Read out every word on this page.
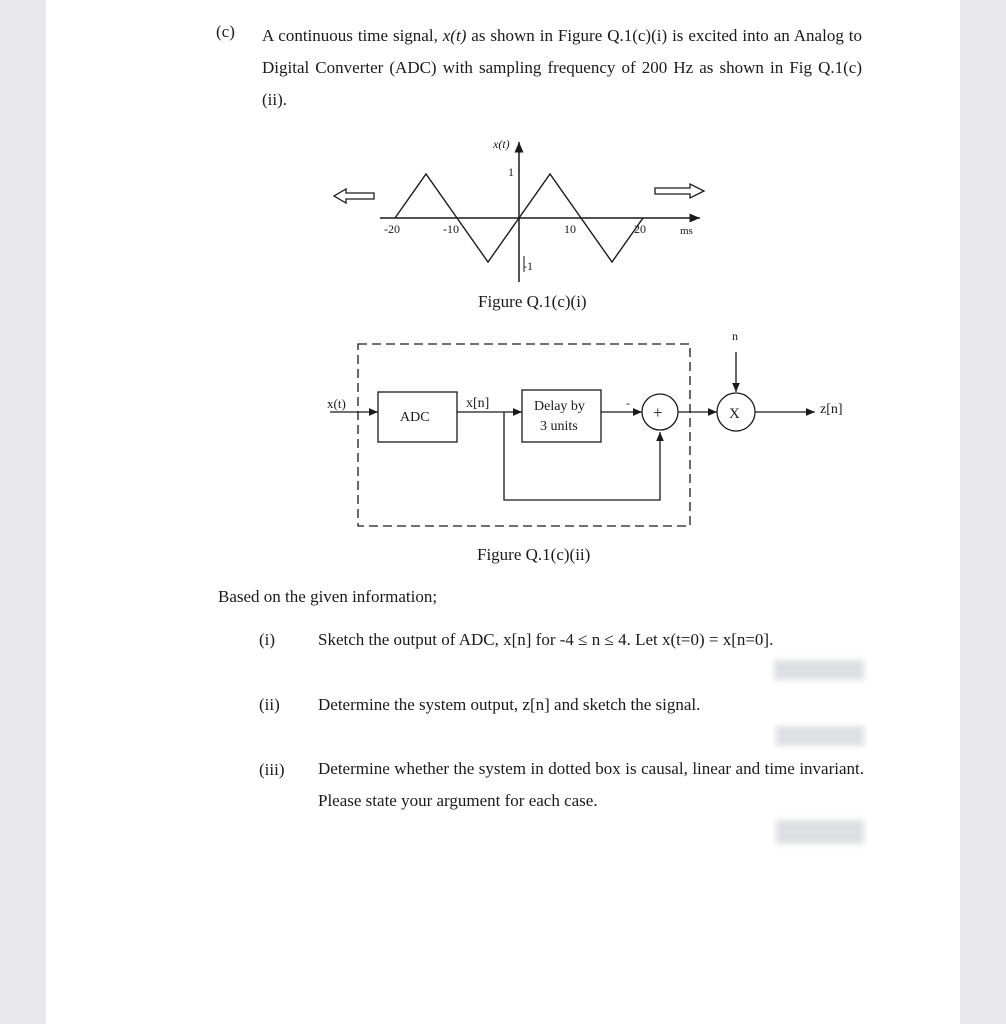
(c) A continuous time signal, x(t) as shown in Figure Q.1(c)(i) is excited into an Analog to Digital Converter (ADC) with sampling frequency of 200 Hz as shown in Fig Q.1(c)(ii).
x(t)
1
-1
-20	-10	10	20	ms
Figure Q.1(c)(i)
-
x(t)
ADC
x[n]	Delay by
3 units
+	X
n
z[n]
Figure Q.1(c)(ii)
Based on the given information;
(i)	Sketch the output of ADC, x[n] for -4 ≤ n ≤ 4. Let x(t=0) = x[n=0].
(ii) Determine the system output, z[n] and sketch the signal.
(iii) Determine whether the system in dotted box is causal, linear and time invariant. Please state your argument for each case.
